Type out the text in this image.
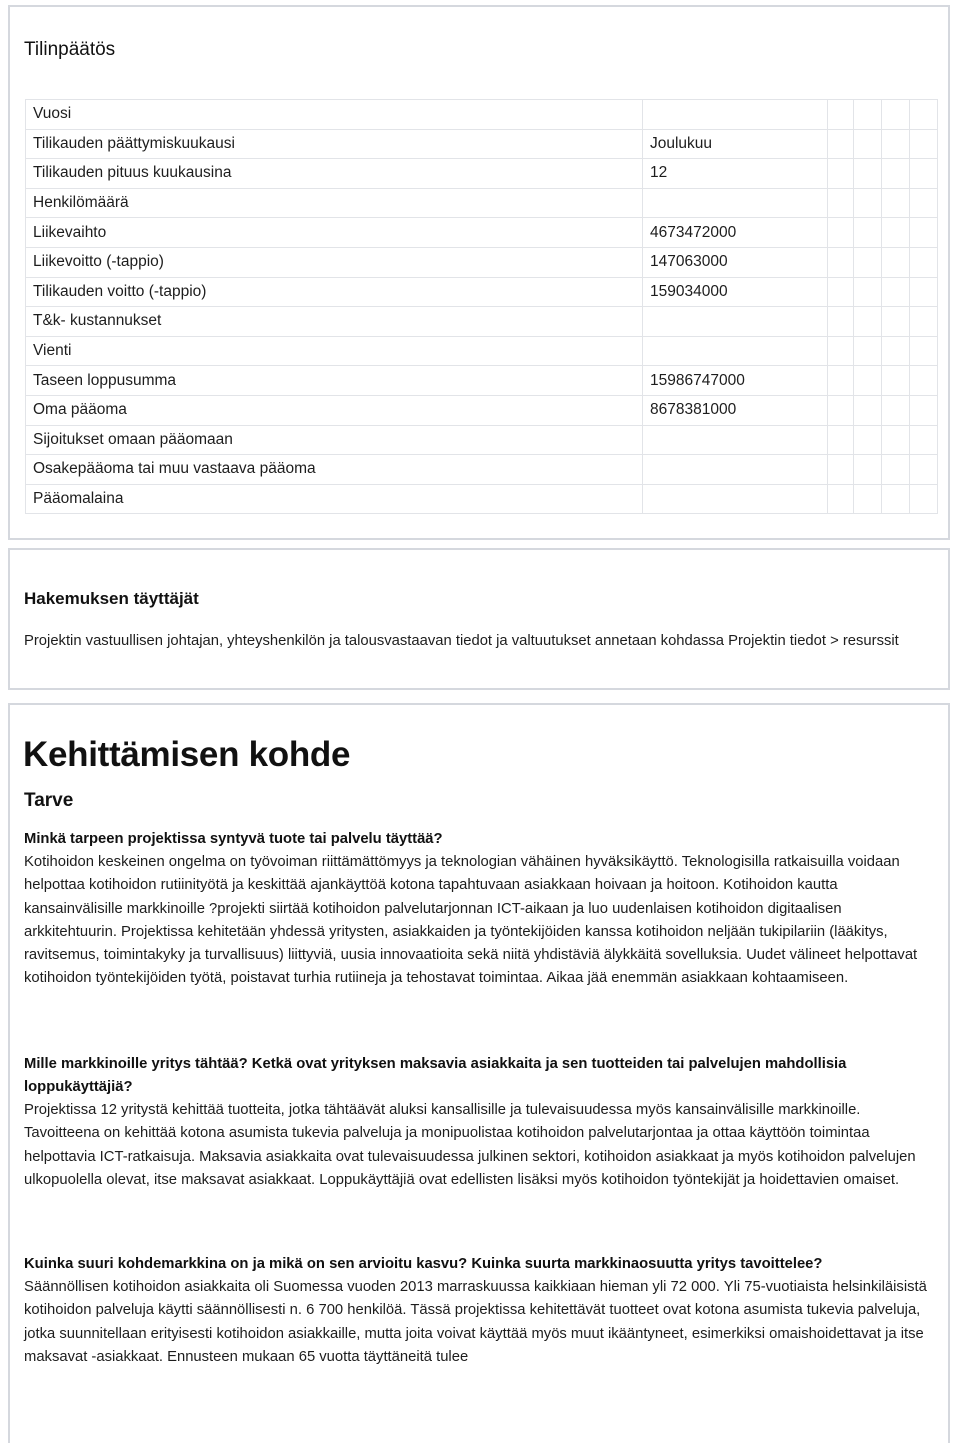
Tilinpäätös
Vuosi					
Tilikauden päättymiskuukausi	Joulukuu				
Tilikauden pituus kuukausina	12				
Henkilömäärä					
Liikevaihto	4673472000				
Liikevoitto (-tappio)	147063000				
Tilikauden voitto (-tappio)	159034000				
T&k- kustannukset					
Vienti					
Taseen loppusumma	15986747000				
Oma pääoma	8678381000				
Sijoitukset omaan pääomaan					
Osakepääoma tai muu vastaava pääoma					
Pääomalaina					
Hakemuksen täyttäjät

Projektin vastuullisen johtajan, yhteyshenkilön ja talousvastaavan tiedot ja valtuutukset annetaan kohdassa Projektin tiedot > resurssit

Kehittämisen kohde
Tarve

Minkä tarpeen projektissa syntyvä tuote tai palvelu täyttää?

Kotihoidon keskeinen ongelma on työvoiman riittämättömyys ja teknologian vähäinen hyväksikäyttö. Teknologisilla ratkaisuilla voidaan helpottaa kotihoidon rutiinityötä ja keskittää ajankäyttöä kotona tapahtuvaan asiakkaan hoivaan ja hoitoon. Kotihoidon kautta kansainvälisille markkinoille ?projekti siirtää kotihoidon palvelutarjonnan ICT-aikaan ja luo uudenlaisen kotihoidon digitaalisen arkkitehtuurin. Projektissa kehitetään yhdessä yritysten, asiakkaiden ja työntekijöiden kanssa kotihoidon neljään tukipilariin (lääkitys, ravitsemus, toimintakyky ja turvallisuus) liittyviä, uusia innovaatioita sekä niitä yhdistäviä älykkäitä sovelluksia. Uudet välineet helpottavat kotihoidon työntekijöiden työtä, poistavat turhia rutiineja ja tehostavat toimintaa. Aikaa jää enemmän asiakkaan kohtaamiseen.

Mille markkinoille yritys tähtää? Ketkä ovat yrityksen maksavia asiakkaita ja sen tuotteiden tai palvelujen mahdollisia loppukäyttäjiä?

Projektissa 12 yritystä kehittää tuotteita, jotka tähtäävät aluksi kansallisille ja tulevaisuudessa myös kansainvälisille markkinoille. Tavoitteena on kehittää kotona asumista tukevia palveluja ja monipuolistaa kotihoidon palvelutarjontaa ja ottaa käyttöön toimintaa helpottavia ICT-ratkaisuja. Maksavia asiakkaita ovat tulevaisuudessa julkinen sektori, kotihoidon asiakkaat ja myös kotihoidon palvelujen ulkopuolella olevat, itse maksavat asiakkaat. Loppukäyttäjiä ovat edellisten lisäksi myös kotihoidon työntekijät ja hoidettavien omaiset.

Kuinka suuri kohdemarkkina on ja mikä on sen arvioitu kasvu? Kuinka suurta markkinaosuutta yritys tavoittelee?

Säännöllisen kotihoidon asiakkaita oli Suomessa vuoden 2013 marraskuussa kaikkiaan hieman yli 72 000. Yli 75-vuotiaista helsinkiläisistä kotihoidon palveluja käytti säännöllisesti n. 6 700 henkilöä. Tässä projektissa kehitettävät tuotteet ovat kotona asumista tukevia palveluja, jotka suunnitellaan erityisesti kotihoidon asiakkaille, mutta joita voivat käyttää myös muut ikääntyneet, esimerkiksi omaishoidettavat ja itse maksavat -asiakkaat. Ennusteen mukaan 65 vuotta täyttäneitä tulee
